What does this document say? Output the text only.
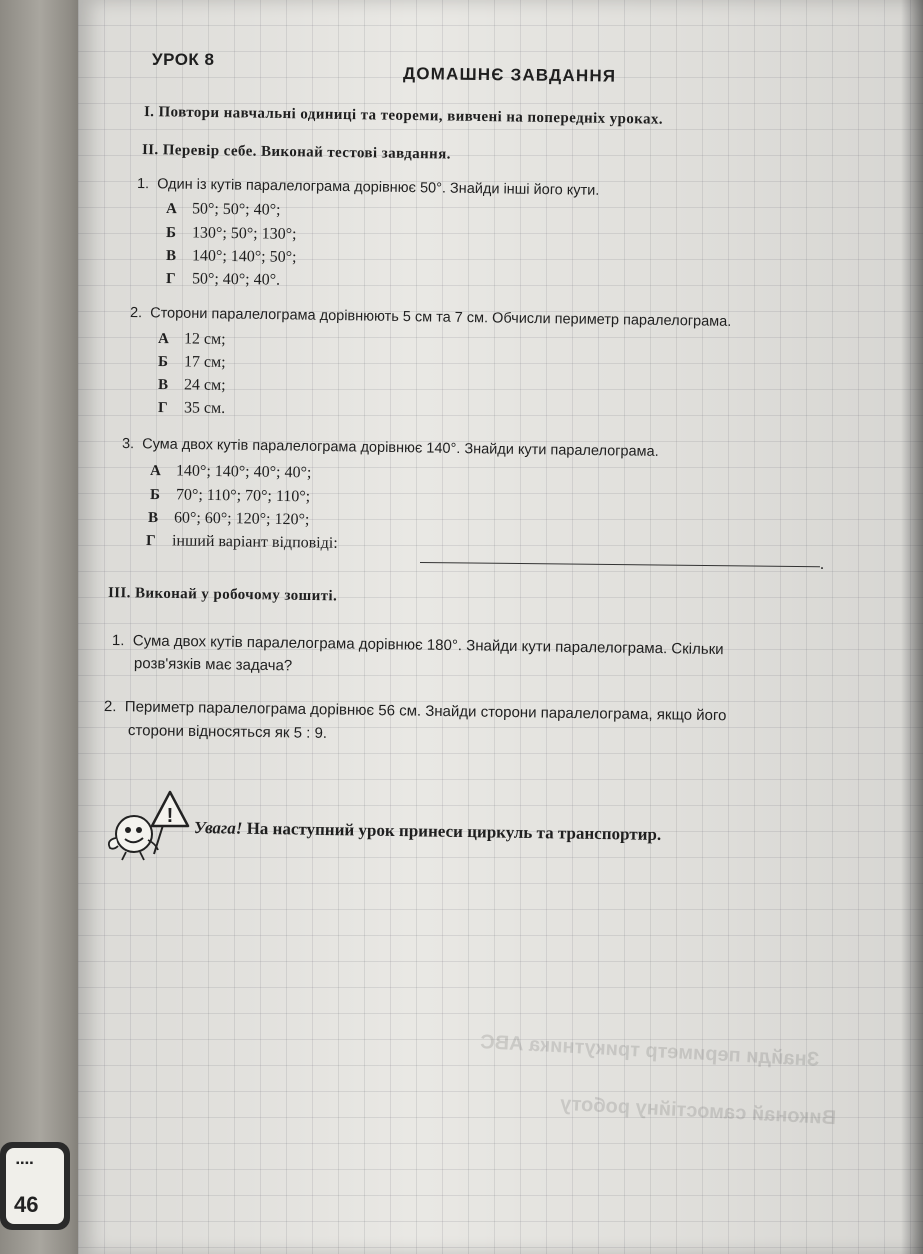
Знайди периметр трикутника ABC
Виконай самостійну роботу
УРОК 8
ДОМАШНЄ ЗАВДАННЯ
І. Повтори навчальні одиниці та теореми, вивчені на попередніх уроках.
ІІ. Перевір себе. Виконай тестові завдання.
1. Один із кутів паралелограма дорівнює 50°. Знайди інші його кути.
А 50°; 50°; 40°;
Б 130°; 50°; 130°;
В 140°; 140°; 50°;
Г 50°; 40°; 40°.
2. Сторони паралелограма дорівнюють 5 см та 7 см. Обчисли периметр паралелограма.
А 12 см;
Б 17 см;
В 24 см;
Г 35 см.
3. Сума двох кутів паралелограма дорівнює 140°. Знайди кути паралелограма.
А 140°; 140°; 40°; 40°;
Б 70°; 110°; 70°; 110°;
В 60°; 60°; 120°; 120°;
Г інший варіант відповіді:
.
ІІІ. Виконай у робочому зошиті.
1. Сума двох кутів паралелограма дорівнює 180°. Знайди кути паралелограма. Скільки
розв'язків має задача?
2. Периметр паралелограма дорівнює 56 см. Знайди сторони паралелограма, якщо його
сторони відносяться як 5 : 9.
!
Увага! На наступний урок принеси циркуль та транспортир.
▪▪▪▪
46
